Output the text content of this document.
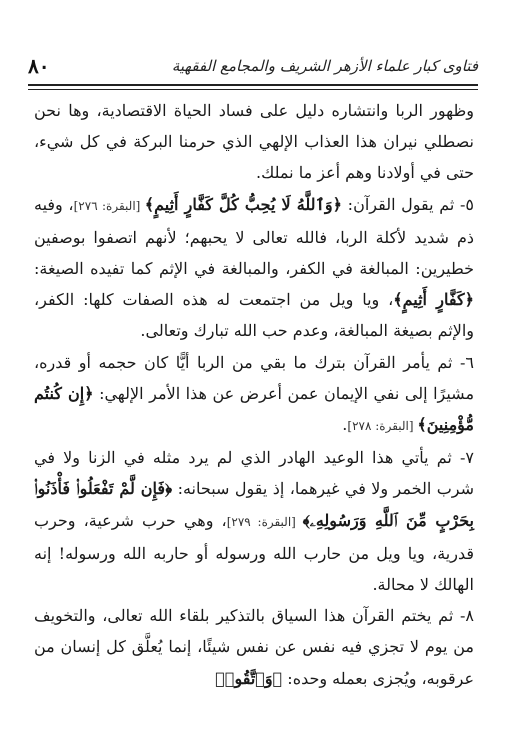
٨٠	فتاوى كبار علماء الأزهر الشريف والمجامع الفقهية

وظهور الربا وانتشاره دليل على فساد الحياة الاقتصادية، وها نحن نصطلي نيران هذا العذاب الإلهي الذي حرمنا البركة في كل شيء، حتى في أولادنا وهم أعز ما نملك.

٥- ثم يقول القرآن: ﴿وَٱللَّهُ لَا يُحِبُّ كُلَّ كَفَّارٍ أَثِيمٍ﴾ [البقرة: ٢٧٦]، وفيه ذم شديد لأكلة الربا، فالله تعالى لا يحبهم؛ لأنهم اتصفوا بوصفين خطيرين: المبالغة في الكفر، والمبالغة في الإثم كما تفيده الصيغة: ﴿كَفَّارٍ أَثِيمٍ﴾، ويا ويل من اجتمعت له هذه الصفات كلها: الكفر، والإثم بصيغة المبالغة، وعدم حب الله تبارك وتعالى.

٦- ثم يأمر القرآن بترك ما بقي من الربا أيًّا كان حجمه أو قدره، مشيرًا إلى نفي الإيمان عمن أعرض عن هذا الأمر الإلهي: ﴿إِن كُنتُم مُّؤْمِنِينَ﴾ [البقرة: ٢٧٨].

٧- ثم يأتي هذا الوعيد الهادر الذي لم يرد مثله في الزنا ولا في شرب الخمر ولا في غيرهما، إذ يقول سبحانه: ﴿فَإِن لَّمْ تَفْعَلُوا۟ فَأْذَنُوا۟ بِحَرْبٍ مِّنَ ٱللَّهِ وَرَسُولِهِۦ﴾ [البقرة: ٢٧٩]، وهي حرب شرعية، وحرب قدرية، ويا ويل من حارب الله ورسوله أو حاربه الله ورسوله! إنه الهالك لا محالة.

٨- ثم يختم القرآن هذا السياق بالتذكير بلقاء الله تعالى، والتخويف من يوم لا تجزي فيه نفس عن نفس شيئًا، إنما يُعلَّق كل إنسان من عرقوبه، ويُجزى بعمله وحده: ﴿وَٱتَّقُوا۟
